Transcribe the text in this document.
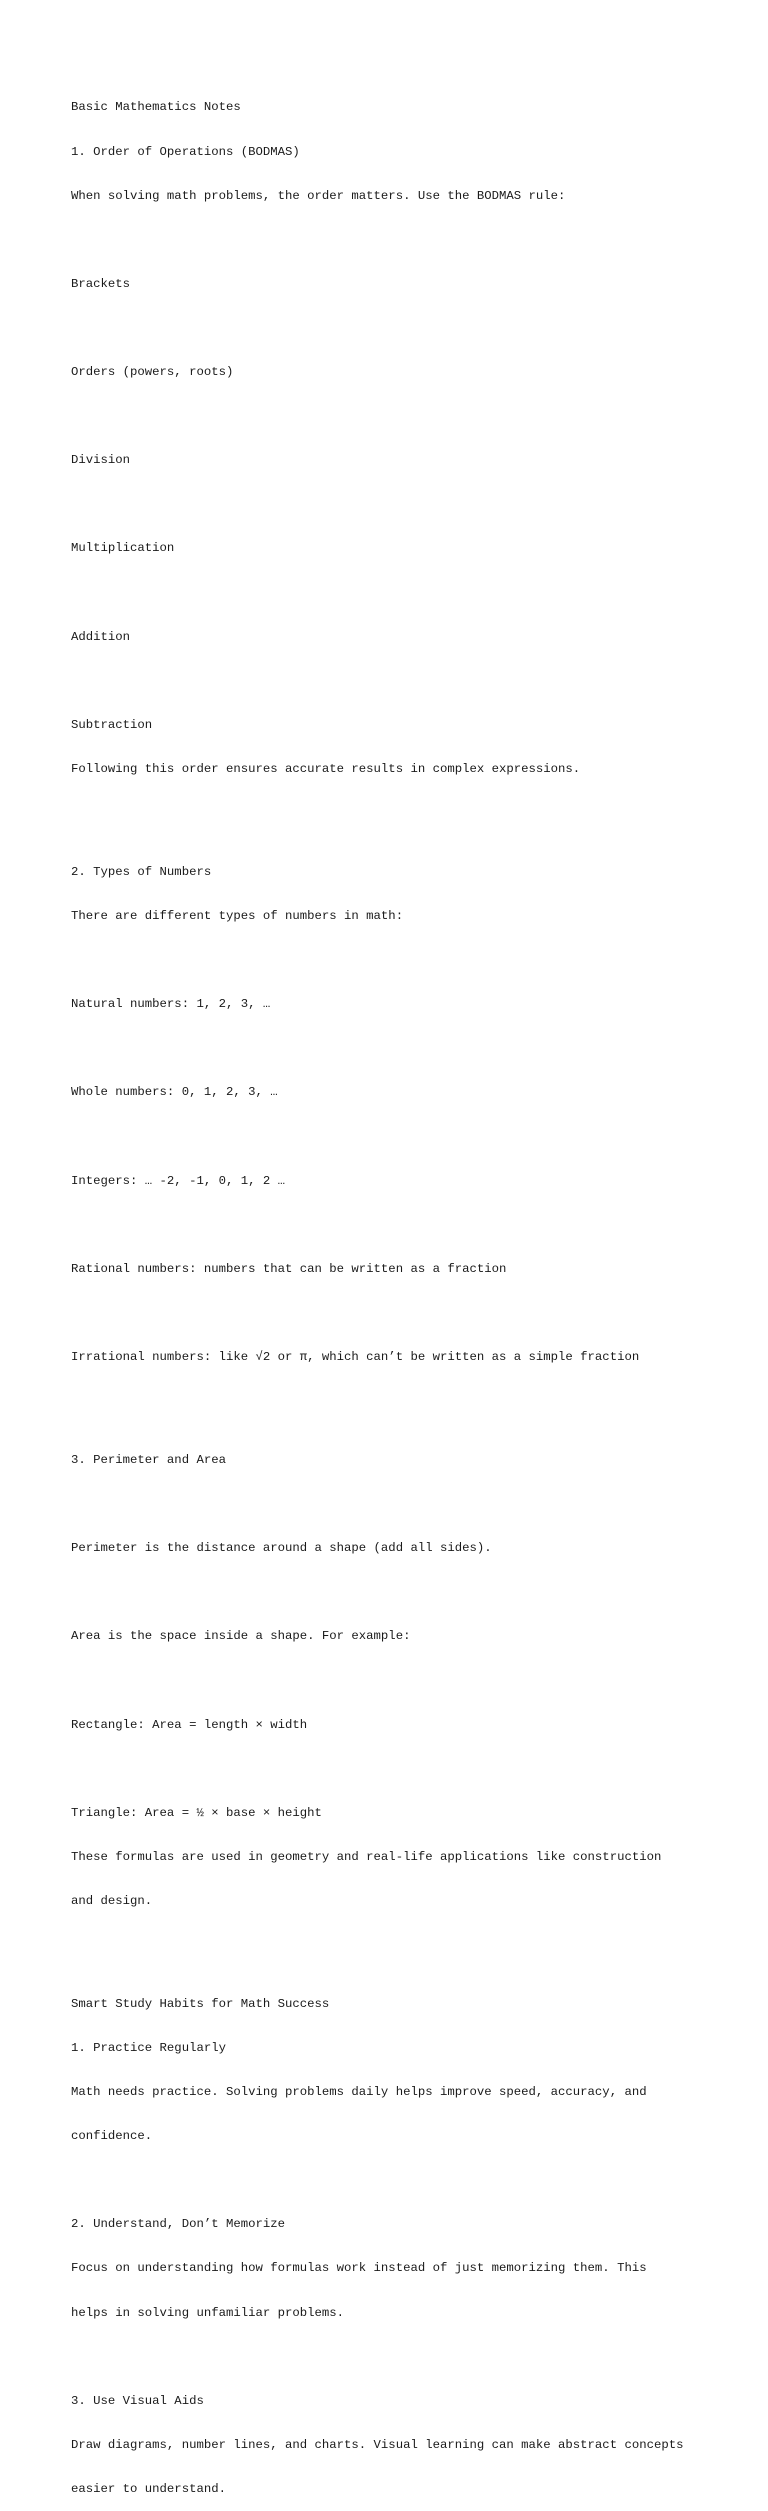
Basic Mathematics Notes

1. Order of Operations (BODMAS)

When solving math problems, the order matters. Use the BODMAS rule:

Brackets

Orders (powers, roots)

Division

Multiplication

Addition

Subtraction

Following this order ensures accurate results in complex expressions.

2. Types of Numbers

There are different types of numbers in math:

Natural numbers: 1, 2, 3, …

Whole numbers: 0, 1, 2, 3, …

Integers: … -2, -1, 0, 1, 2 …

Rational numbers: numbers that can be written as a fraction

Irrational numbers: like √2 or π, which can’t be written as a simple fraction

3. Perimeter and Area

Perimeter is the distance around a shape (add all sides).

Area is the space inside a shape. For example:

Rectangle: Area = length × width

Triangle: Area = ½ × base × height

These formulas are used in geometry and real-life applications like construction

and design.

Smart Study Habits for Math Success

1. Practice Regularly

Math needs practice. Solving problems daily helps improve speed, accuracy, and

confidence.

2. Understand, Don’t Memorize

Focus on understanding how formulas work instead of just memorizing them. This

helps in solving unfamiliar problems.

3. Use Visual Aids

Draw diagrams, number lines, and charts. Visual learning can make abstract concepts

easier to understand.
